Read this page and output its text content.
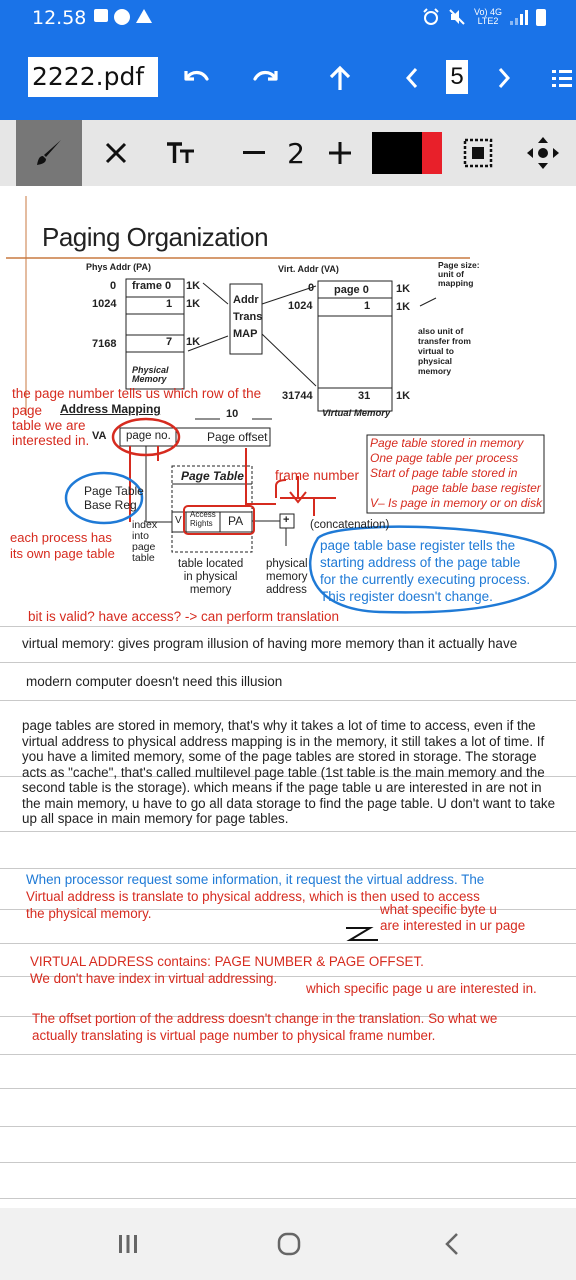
12.58	Vo) 4G
LTE2
2222.pdf	5
2
Paging Organization
Phys Addr (PA)	Virt. Addr (VA)	Page size:
unit of
mapping
0 frame 0 1K
1024	1 1K
7168	7 1K
Physical
Memory
Addr
Trans
MAP
0 page 0 1K
1024	1 1K
31744	31 1K
Virtual Memory
also unit of
transfer from
virtual to
physical
memory
Address Mapping
VA page no.
10
Page offset
Page Table
Page Table
Base Reg
index
into
page
table
V
Access
Rights PA	+ (concatenation)
table located
in physical
memory
physical
memory
address
Page table stored in memory
One page table per process
Start of page table stored in
page table base register
V– Is page in memory or on disk
the page number tells us which row of the
page
table we are
interested in.
frame number
each process has
its own page table
page table base register tells the
starting address of the page table
for the currently executing process.
This register doesn't change.
bit is valid? have access? -> can perform translation
virtual memory: gives program illusion of having more memory than it actually have
modern computer doesn't need this illusion
page tables are stored in memory, that's why it takes a lot of time to access, even if the virtual address to physical address mapping is in the memory, it still takes a lot of time. If you have a limited memory, some of the page tables are stored in storage. The storage acts as "cache", that's called multilevel page table (1st table is the main memory and the second table is the storage). which means if the page table u are interested in are not in the main memory, u have to go all data storage to find the page table. U don't want to take up all space in main memory for page tables.
When processor request some information, it request the virtual address. The
Virtual address is translate to physical address, which is then used to access
the physical memory.	what specific byte u
are interested in ur page
VIRTUAL ADDRESS contains: PAGE NUMBER & PAGE OFFSET.
We don't have index in virtual addressing.
which specific page u are interested in.
The offset portion of the address doesn't change in the translation. So what we
actually translating is virtual page number to physical frame number.
